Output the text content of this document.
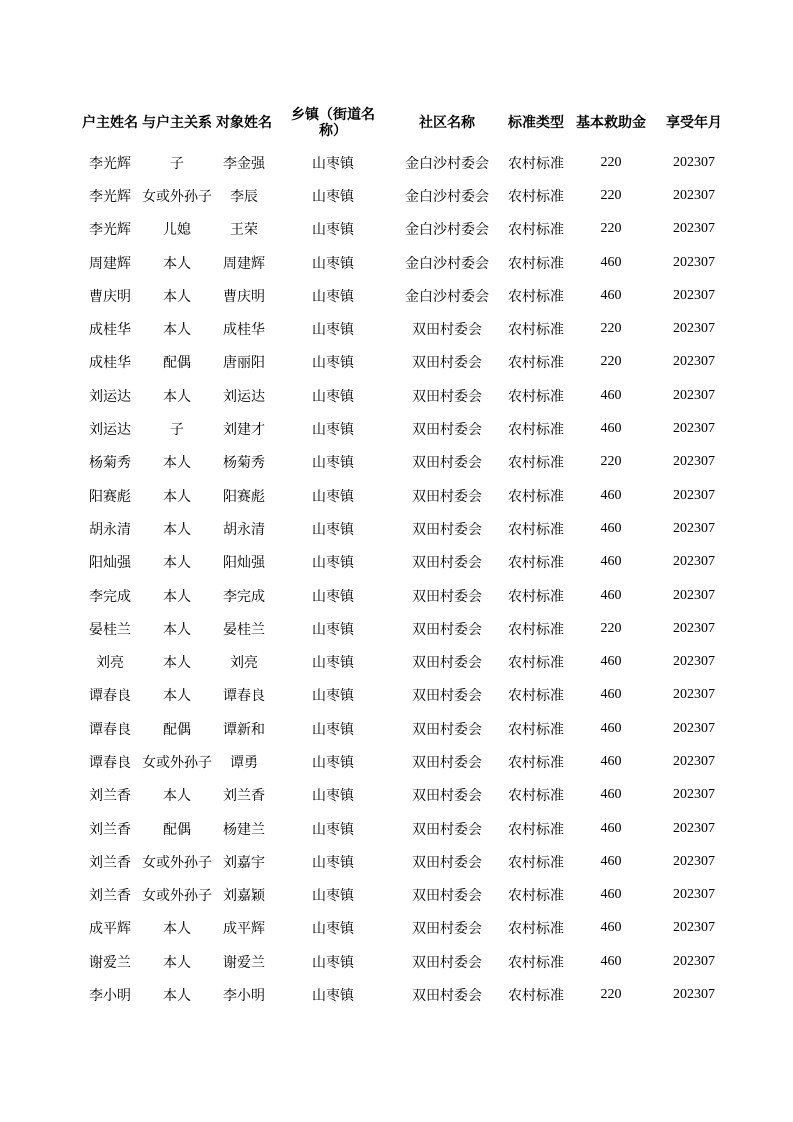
户主姓名	与户主关系	对象姓名	乡镇（街道名称）	社区名称	标准类型	基本救助金	享受年月
李光辉	子	李金强	山枣镇	金白沙村委会	农村标准	220	202307
李光辉	女或外孙子	李辰	山枣镇	金白沙村委会	农村标准	220	202307
李光辉	儿媳	王荣	山枣镇	金白沙村委会	农村标准	220	202307
周建辉	本人	周建辉	山枣镇	金白沙村委会	农村标准	460	202307
曹庆明	本人	曹庆明	山枣镇	金白沙村委会	农村标准	460	202307
成桂华	本人	成桂华	山枣镇	双田村委会	农村标准	220	202307
成桂华	配偶	唐丽阳	山枣镇	双田村委会	农村标准	220	202307
刘运达	本人	刘运达	山枣镇	双田村委会	农村标准	460	202307
刘运达	子	刘建才	山枣镇	双田村委会	农村标准	460	202307
杨菊秀	本人	杨菊秀	山枣镇	双田村委会	农村标准	220	202307
阳赛彪	本人	阳赛彪	山枣镇	双田村委会	农村标准	460	202307
胡永清	本人	胡永清	山枣镇	双田村委会	农村标准	460	202307
阳灿强	本人	阳灿强	山枣镇	双田村委会	农村标准	460	202307
李完成	本人	李完成	山枣镇	双田村委会	农村标准	460	202307
晏桂兰	本人	晏桂兰	山枣镇	双田村委会	农村标准	220	202307
刘亮	本人	刘亮	山枣镇	双田村委会	农村标准	460	202307
谭春良	本人	谭春良	山枣镇	双田村委会	农村标准	460	202307
谭春良	配偶	谭新和	山枣镇	双田村委会	农村标准	460	202307
谭春良	女或外孙子	谭勇	山枣镇	双田村委会	农村标准	460	202307
刘兰香	本人	刘兰香	山枣镇	双田村委会	农村标准	460	202307
刘兰香	配偶	杨建兰	山枣镇	双田村委会	农村标准	460	202307
刘兰香	女或外孙子	刘嘉宇	山枣镇	双田村委会	农村标准	460	202307
刘兰香	女或外孙子	刘嘉颖	山枣镇	双田村委会	农村标准	460	202307
成平辉	本人	成平辉	山枣镇	双田村委会	农村标准	460	202307
谢爱兰	本人	谢爱兰	山枣镇	双田村委会	农村标准	460	202307
李小明	本人	李小明	山枣镇	双田村委会	农村标准	220	202307
